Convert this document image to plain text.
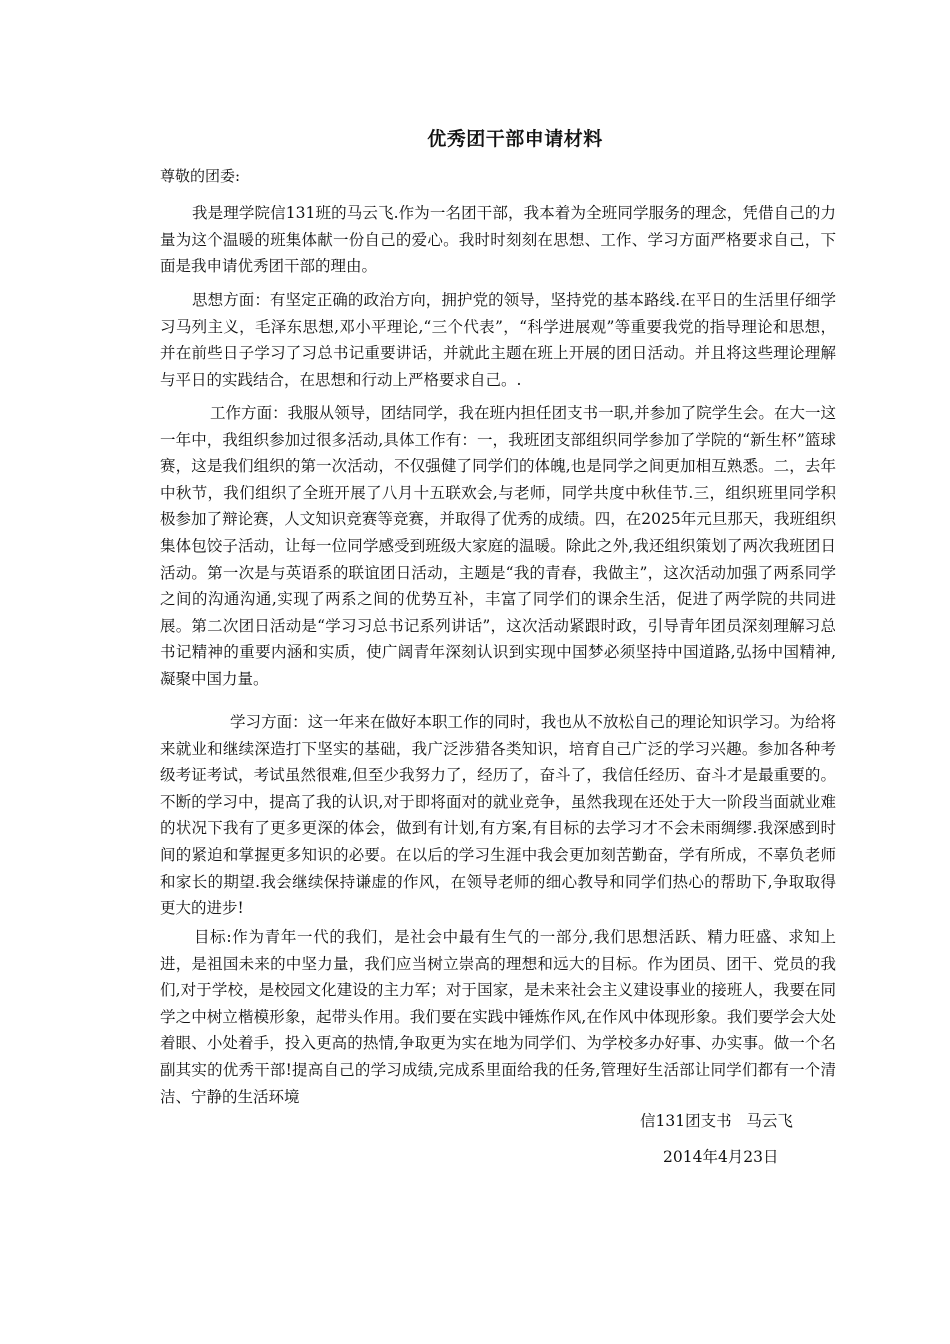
优秀团干部申请材料
尊敬的团委:

我是理学院信131班的马云飞.作为一名团干部，我本着为全班同学服务的理念，凭借自己的力量为这个温暖的班集体献一份自己的爱心。我时时刻刻在思想、工作、学习方面严格要求自己，下面是我申请优秀团干部的理由。

思想方面：有坚定正确的政治方向，拥护党的领导，坚持党的基本路线.在平日的生活里仔细学习马列主义，毛泽东思想,邓小平理论,“三个代表”，“科学进展观”等重要我党的指导理论和思想，并在前些日子学习了习总书记重要讲话，并就此主题在班上开展的团日活动。并且将这些理论理解与平日的实践结合，在思想和行动上严格要求自己。.

工作方面：我服从领导，团结同学，我在班内担任团支书一职,并参加了院学生会。在大一这一年中，我组织参加过很多活动,具体工作有：一，我班团支部组织同学参加了学院的“新生杯”篮球赛，这是我们组织的第一次活动，不仅强健了同学们的体魄,也是同学之间更加相互熟悉。二，去年中秋节，我们组织了全班开展了八月十五联欢会,与老师，同学共度中秋佳节.三，组织班里同学积极参加了辩论赛，人文知识竞赛等竞赛，并取得了优秀的成绩。四，在2025年元旦那天，我班组织集体包饺子活动，让每一位同学感受到班级大家庭的温暖。除此之外,我还组织策划了两次我班团日活动。第一次是与英语系的联谊团日活动，主题是“我的青春，我做主”，这次活动加强了两系同学之间的沟通沟通,实现了两系之间的优势互补，丰富了同学们的课余生活，促进了两学院的共同进展。第二次团日活动是“学习习总书记系列讲话”，这次活动紧跟时政，引导青年团员深刻理解习总书记精神的重要内涵和实质，使广阔青年深刻认识到实现中国梦必须坚持中国道路,弘扬中国精神,凝聚中国力量。

学习方面：这一年来在做好本职工作的同时，我也从不放松自己的理论知识学习。为给将来就业和继续深造打下坚实的基础，我广泛涉猎各类知识，培育自己广泛的学习兴趣。参加各种考级考证考试，考试虽然很难,但至少我努力了，经历了，奋斗了，我信任经历、奋斗才是最重要的。不断的学习中，提高了我的认识,对于即将面对的就业竞争，虽然我现在还处于大一阶段当面就业难的状况下我有了更多更深的体会，做到有计划,有方案,有目标的去学习才不会未雨绸缪.我深感到时间的紧迫和掌握更多知识的必要。在以后的学习生涯中我会更加刻苦勤奋，学有所成，不辜负老师和家长的期望.我会继续保持谦虚的作风，在领导老师的细心教导和同学们热心的帮助下,争取取得更大的进步!

目标:作为青年一代的我们，是社会中最有生气的一部分,我们思想活跃、精力旺盛、求知上进，是祖国未来的中坚力量，我们应当树立崇高的理想和远大的目标。作为团员、团干、党员的我们,对于学校，是校园文化建设的主力军；对于国家，是未来社会主义建设事业的接班人，我要在同学之中树立楷模形象，起带头作用。我们要在实践中锤炼作风,在作风中体现形象。我们要学会大处着眼、小处着手，投入更高的热情,争取更为实在地为同学们、为学校多办好事、办实事。做一个名副其实的优秀干部!提高自己的学习成绩,完成系里面给我的任务,管理好生活部让同学们都有一个清洁、宁静的生活环境

信131团支书   马云飞
2014年4月23日
